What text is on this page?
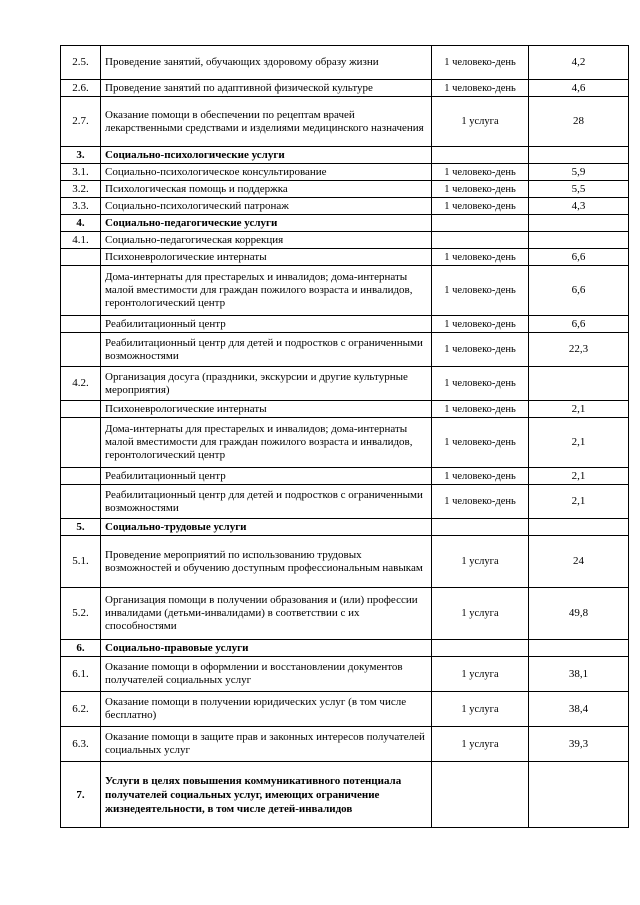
2.5.	Проведение занятий, обучающих здоровому образу жизни	1 человеко-день	4,2
2.6.	Проведение занятий по адаптивной физической культуре	1 человеко-день	4,6
2.7.	Оказание помощи в обеспечении по рецептам врачей лекарственными средствами и изделиями медицинского назначения	1 услуга	28
3.	Социально-психологические услуги		
3.1.	Социально-психологическое консультирование	1 человеко-день	5,9
3.2.	Психологическая помощь и поддержка	1 человеко-день	5,5
3.3.	Социально-психологический патронаж	1 человеко-день	4,3
4.	Социально-педагогические услуги		
4.1.	Социально-педагогическая коррекция		
	Психоневрологические интернаты	1 человеко-день	6,6
	Дома-интернаты для престарелых и инвалидов; дома-интернаты малой вместимости для граждан пожилого возраста и инвалидов, геронтологический центр	1 человеко-день	6,6
	Реабилитационный центр	1 человеко-день	6,6
	Реабилитационный центр для детей и подростков с ограниченными возможностями	1 человеко-день	22,3
4.2.	Организация досуга (праздники, экскурсии и другие культурные мероприятия)	1 человеко-день	
	Психоневрологические интернаты	1 человеко-день	2,1
	Дома-интернаты для престарелых и инвалидов; дома-интернаты малой вместимости для граждан пожилого возраста и инвалидов, геронтологический центр	1 человеко-день	2,1
	Реабилитационный центр	1 человеко-день	2,1
	Реабилитационный центр для детей и подростков с ограниченными возможностями	1 человеко-день	2,1
5.	Социально-трудовые услуги		
5.1.	Проведение мероприятий по использованию трудовых возможностей и обучению доступным профессиональным навыкам	1 услуга	24
5.2.	Организация помощи в получении образования и (или) профессии инвалидами (детьми-инвалидами) в соответствии с их способностями	1 услуга	49,8
6.	Социально-правовые услуги		
6.1.	Оказание помощи в оформлении и восстановлении документов получателей социальных услуг	1 услуга	38,1
6.2.	Оказание помощи в получении юридических услуг (в том числе бесплатно)	1 услуга	38,4
6.3.	Оказание помощи в защите прав и законных интересов получателей социальных услуг	1 услуга	39,3
7.	Услуги в целях повышения коммуникативного потенциала получателей социальных услуг, имеющих ограничение жизнедеятельности, в том числе детей-инвалидов		
